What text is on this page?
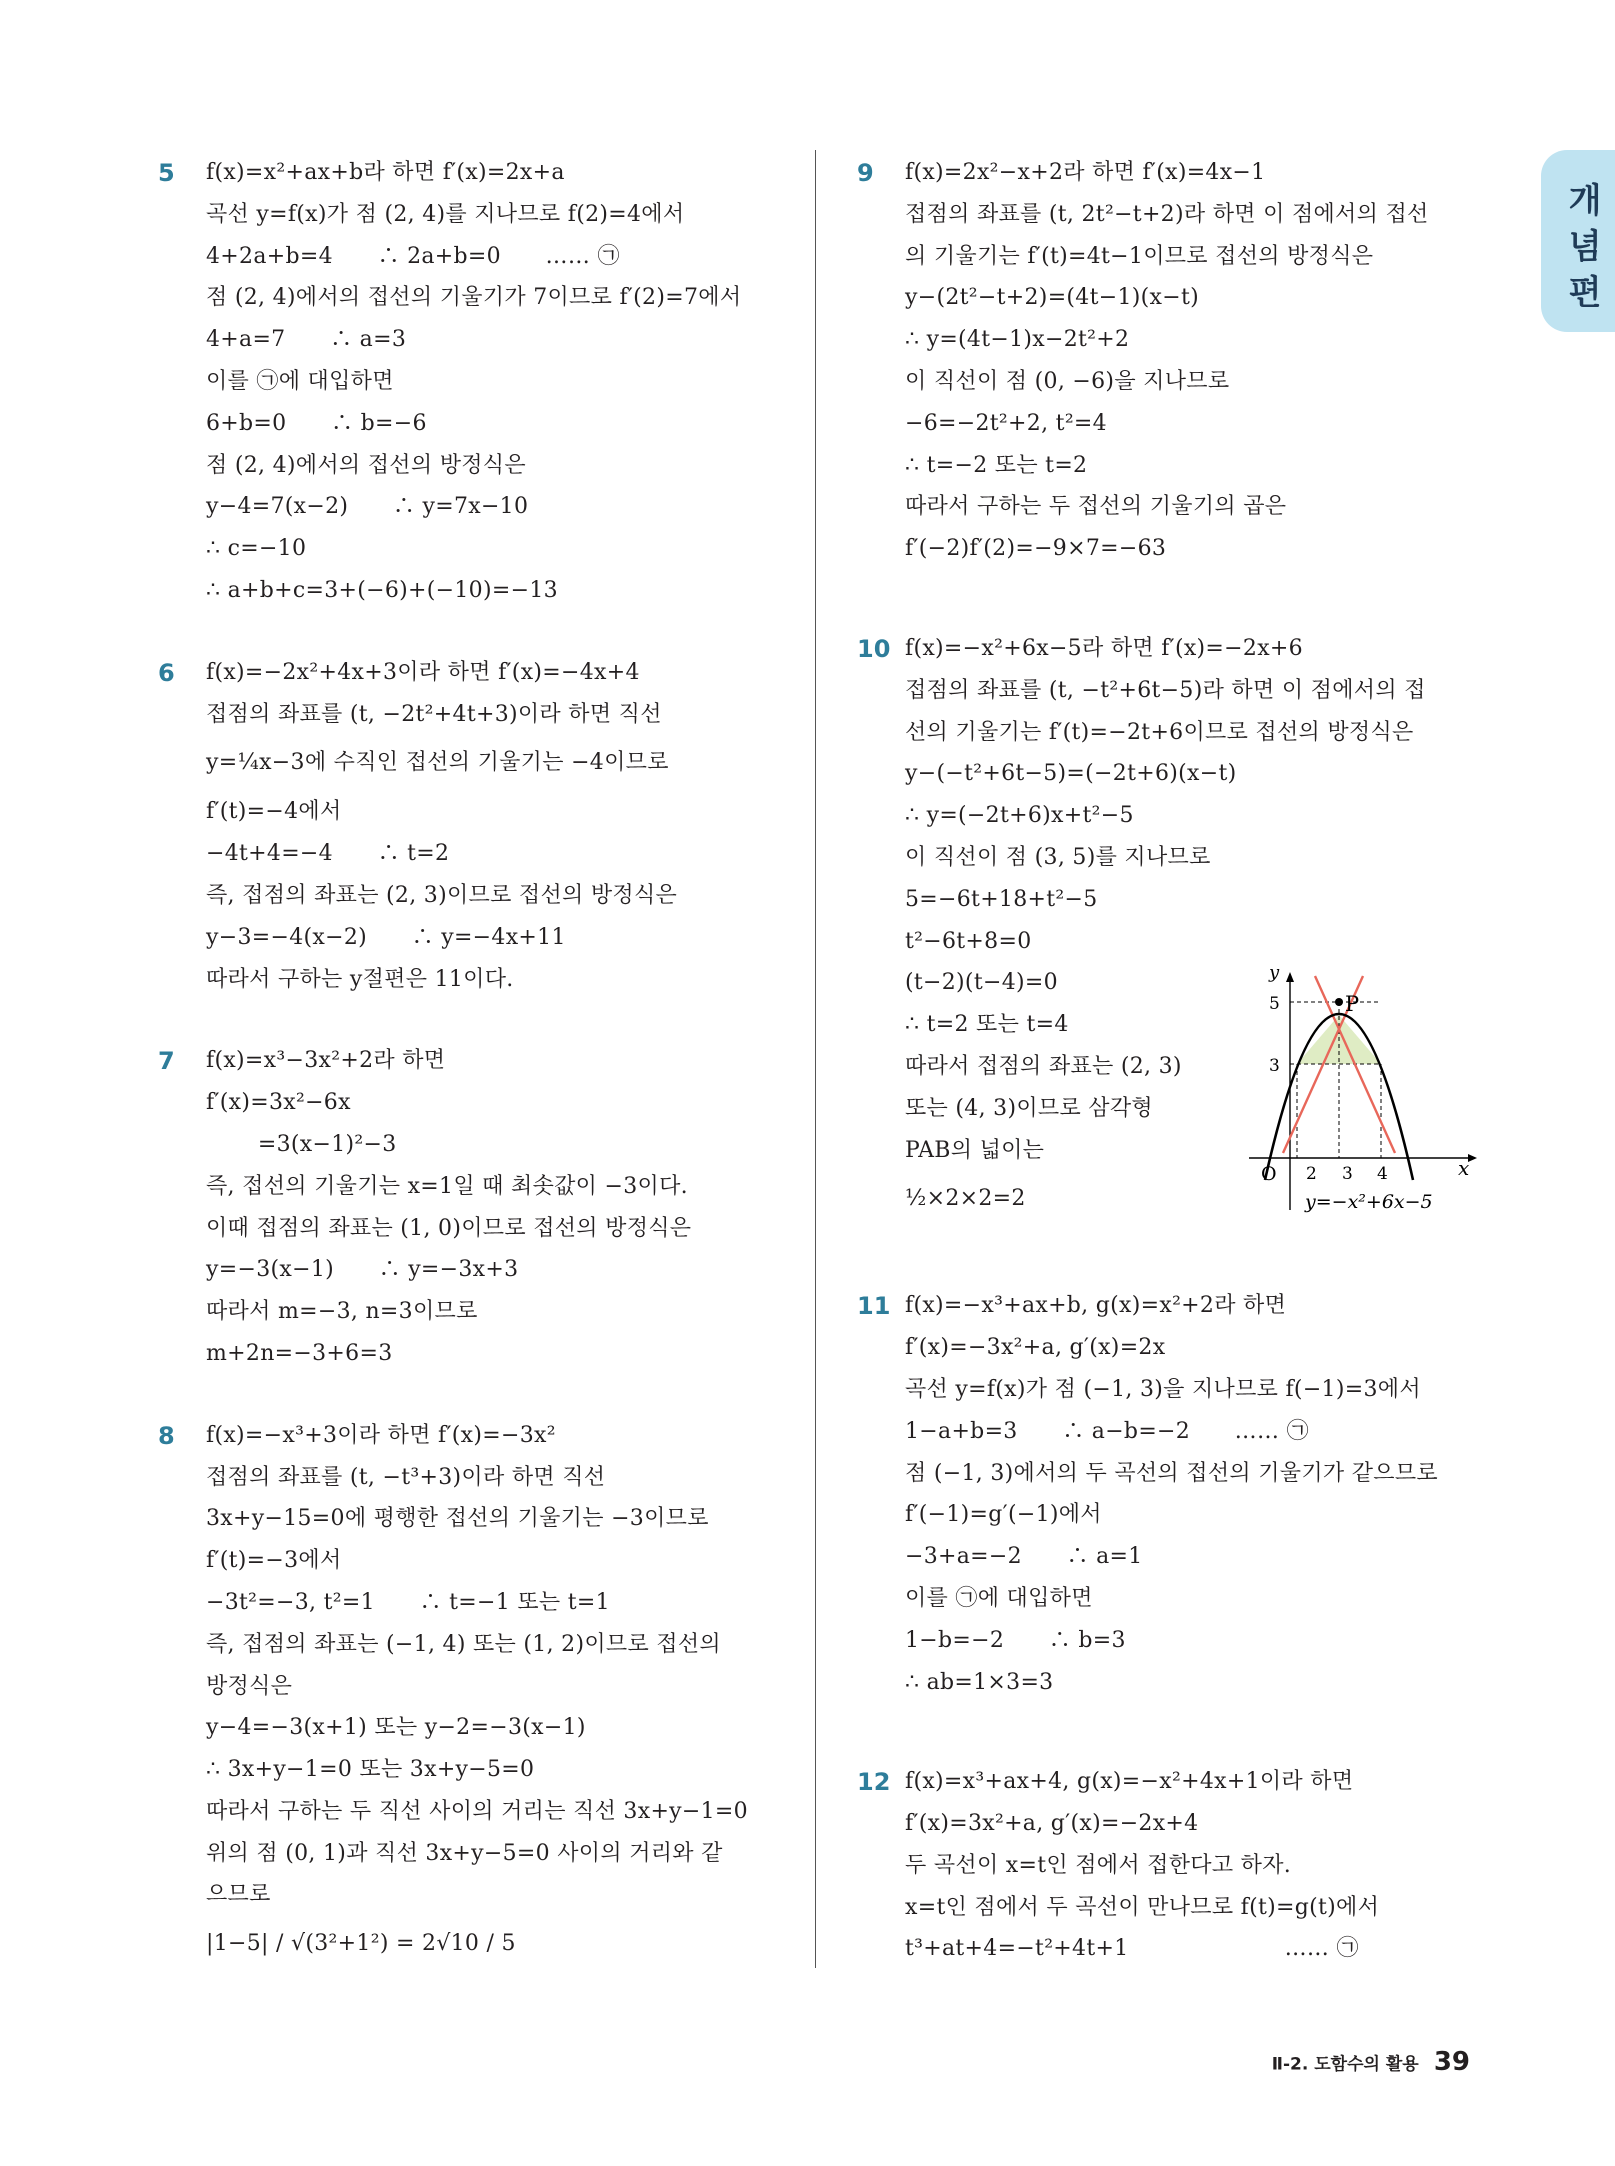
개
념
편
5 f(x)=x²+ax+b라 하면 f′(x)=2x+a
곡선 y=f(x)가 점 (2, 4)를 지나므로 f(2)=4에서
4+2a+b=4　　∴ 2a+b=0　　…… ㉠
점 (2, 4)에서의 접선의 기울기가 7이므로 f′(2)=7에서
4+a=7　　∴ a=3
이를 ㉠에 대입하면
6+b=0　　∴ b=−6
점 (2, 4)에서의 접선의 방정식은
y−4=7(x−2)　　∴ y=7x−10
∴ c=−10
∴ a+b+c=3+(−6)+(−10)=−13
6 f(x)=−2x²+4x+3이라 하면 f′(x)=−4x+4
접점의 좌표를 (t, −2t²+4t+3)이라 하면 직선
y=¼x−3에 수직인 접선의 기울기는 −4이므로
f′(t)=−4에서
−4t+4=−4　　∴ t=2
즉, 접점의 좌표는 (2, 3)이므로 접선의 방정식은
y−3=−4(x−2)　　∴ y=−4x+11
따라서 구하는 y절편은 11이다.
7 f(x)=x³−3x²+2라 하면
f′(x)=3x²−6x
　　 =3(x−1)²−3
즉, 접선의 기울기는 x=1일 때 최솟값이 −3이다.
이때 접점의 좌표는 (1, 0)이므로 접선의 방정식은
y=−3(x−1)　　∴ y=−3x+3
따라서 m=−3, n=3이므로
m+2n=−3+6=3
8 f(x)=−x³+3이라 하면 f′(x)=−3x²
접점의 좌표를 (t, −t³+3)이라 하면 직선
3x+y−15=0에 평행한 접선의 기울기는 −3이므로
f′(t)=−3에서
−3t²=−3, t²=1　　∴ t=−1 또는 t=1
즉, 접점의 좌표는 (−1, 4) 또는 (1, 2)이므로 접선의
방정식은
y−4=−3(x+1) 또는 y−2=−3(x−1)
∴ 3x+y−1=0 또는 3x+y−5=0
따라서 구하는 두 직선 사이의 거리는 직선 3x+y−1=0
위의 점 (0, 1)과 직선 3x+y−5=0 사이의 거리와 같
으므로
|1−5| / √(3²+1²) = 2√10 / 5
9 f(x)=2x²−x+2라 하면 f′(x)=4x−1
접점의 좌표를 (t, 2t²−t+2)라 하면 이 점에서의 접선
의 기울기는 f′(t)=4t−1이므로 접선의 방정식은
y−(2t²−t+2)=(4t−1)(x−t)
∴ y=(4t−1)x−2t²+2
이 직선이 점 (0, −6)을 지나므로
−6=−2t²+2, t²=4
∴ t=−2 또는 t=2
따라서 구하는 두 접선의 기울기의 곱은
f′(−2)f′(2)=−9×7=−63
10 f(x)=−x²+6x−5라 하면 f′(x)=−2x+6
접점의 좌표를 (t, −t²+6t−5)라 하면 이 점에서의 접
선의 기울기는 f′(t)=−2t+6이므로 접선의 방정식은
y−(−t²+6t−5)=(−2t+6)(x−t)
∴ y=(−2t+6)x+t²−5
이 직선이 점 (3, 5)를 지나므로
5=−6t+18+t²−5
t²−6t+8=0
(t−2)(t−4)=0
∴ t=2 또는 t=4
따라서 접점의 좌표는 (2, 3)
또는 (4, 3)이므로 삼각형
PAB의 넓이는
½×2×2=2
11 f(x)=−x³+ax+b, g(x)=x²+2라 하면
f′(x)=−3x²+a, g′(x)=2x
곡선 y=f(x)가 점 (−1, 3)을 지나므로 f(−1)=3에서
1−a+b=3　　∴ a−b=−2　　…… ㉠
점 (−1, 3)에서의 두 곡선의 접선의 기울기가 같으므로
f′(−1)=g′(−1)에서
−3+a=−2　　∴ a=1
이를 ㉠에 대입하면
1−b=−2　　∴ b=3
∴ ab=1×3=3
12 f(x)=x³+ax+4, g(x)=−x²+4x+1이라 하면
f′(x)=3x²+a, g′(x)=−2x+4
두 곡선이 x=t인 점에서 접한다고 하자.
x=t인 점에서 두 곡선이 만나므로 f(t)=g(t)에서
t³+at+4=−t²+4t+1　　　　　　　…… ㉠
P
y
x
O
5
3
2 3 4
y=−x²+6x−5
Ⅱ-2. 도함수의 활용 39
